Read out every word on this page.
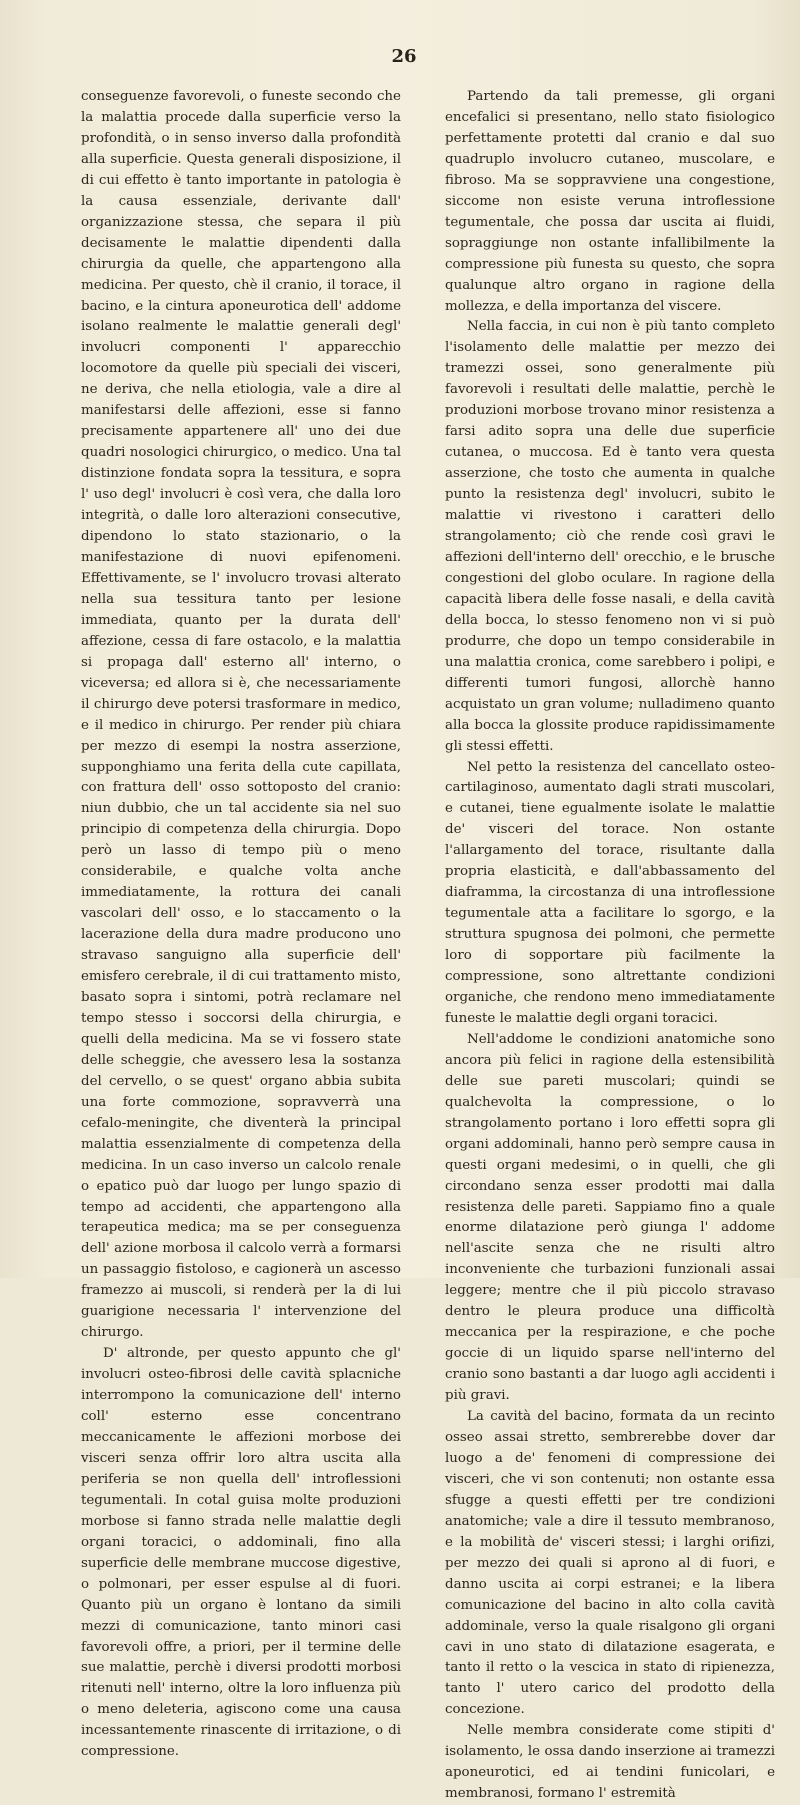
26

conseguenze favorevoli, o funeste secondo che la malattia procede dalla superficie verso la profondità, o in senso inverso dalla profondità alla superficie. Questa generali disposizione, il di cui effetto è tanto importante in patologia è la causa essenziale, derivante dall' organizzazione stessa, che separa il più decisamente le malattie dipendenti dalla chirurgia da quelle, che appartengono alla medicina. Per questo, chè il cranio, il torace, il bacino, e la cintura aponeurotica dell' addome isolano realmente le malattie generali degl' involucri componenti l' apparecchio locomotore da quelle più speciali dei visceri, ne deriva, che nella etiologia, vale a dire al manifestarsi delle affezioni, esse si fanno precisamente appartenere all' uno dei due quadri nosologici chirurgico, o medico. Una tal distinzione fondata sopra la tessitura, e sopra l' uso degl' involucri è così vera, che dalla loro integrità, o dalle loro alterazioni consecutive, dipendono lo stato stazionario, o la manifestazione di nuovi epifenomeni. Effettivamente, se l' involucro trovasi alterato nella sua tessitura tanto per lesione immediata, quanto per la durata dell' affezione, cessa di fare ostacolo, e la malattia si propaga dall' esterno all' interno, o viceversa; ed allora si è, che necessariamente il chirurgo deve potersi trasformare in medico, e il medico in chirurgo. Per render più chiara per mezzo di esempi la nostra asserzione, supponghiamo una ferita della cute capillata, con frattura dell' osso sottoposto del cranio: niun dubbio, che un tal accidente sia nel suo principio di competenza della chirurgia. Dopo però un lasso di tempo più o meno considerabile, e qualche volta anche immediatamente, la rottura dei canali vascolari dell' osso, e lo staccamento o la lacerazione della dura madre producono uno stravaso sanguigno alla superficie dell' emisfero cerebrale, il di cui trattamento misto, basato sopra i sintomi, potrà reclamare nel tempo stesso i soccorsi della chirurgia, e quelli della medicina. Ma se vi fossero state delle scheggie, che avessero lesa la sostanza del cervello, o se quest' organo abbia subita una forte commozione, sopravverrà una cefalo-meningite, che diventerà la principal malattia essenzialmente di competenza della medicina. In un caso inverso un calcolo renale o epatico può dar luogo per lungo spazio di tempo ad accidenti, che appartengono alla terapeutica medica; ma se per conseguenza dell' azione morbosa il calcolo verrà a formarsi un passaggio fistoloso, e cagionerà un ascesso framezzo ai muscoli, si renderà per la di lui guarigione necessaria l' intervenzione del chirurgo.

D' altronde, per questo appunto che gl' involucri osteo-fibrosi delle cavità splacniche interrompono la comunicazione dell' interno coll' esterno esse concentrano meccanicamente le affezioni morbose dei visceri senza offrir loro altra uscita alla periferia se non quella dell' introflessioni tegumentali. In cotal guisa molte produzioni morbose si fanno strada nelle malattie degli organi toracici, o addominali, fino alla superficie delle membrane muccose digestive, o polmonari, per esser espulse al di fuori. Quanto più un organo è lontano da simili mezzi di comunicazione, tanto minori casi favorevoli offre, a priori, per il termine delle sue malattie, perchè i diversi prodotti morbosi ritenuti nell' interno, oltre la loro influenza più o meno deleteria, agiscono come una causa incessantemente rinascente di irritazione, o di compressione.

Partendo da tali premesse, gli organi encefalici si presentano, nello stato fisiologico perfettamente protetti dal cranio e dal suo quadruplo involucro cutaneo, muscolare, e fibroso. Ma se soppravviene una congestione, siccome non esiste veruna introflessione tegumentale, che possa dar uscita ai fluidi, sopraggiunge non ostante infallibilmente la compressione più funesta su questo, che sopra qualunque altro organo in ragione della mollezza, e della importanza del viscere.

Nella faccia, in cui non è più tanto completo l'isolamento delle malattie per mezzo dei tramezzi ossei, sono generalmente più favorevoli i resultati delle malattie, perchè le produzioni morbose trovano minor resistenza a farsi adito sopra una delle due superficie cutanea, o muccosa. Ed è tanto vera questa asserzione, che tosto che aumenta in qualche punto la resistenza degl' involucri, subito le malattie vi rivestono i caratteri dello strangolamento; ciò che rende così gravi le affezioni dell'interno dell' orecchio, e le brusche congestioni del globo oculare. In ragione della capacità libera delle fosse nasali, e della cavità della bocca, lo stesso fenomeno non vi si può produrre, che dopo un tempo considerabile in una malattia cronica, come sarebbero i polipi, e differenti tumori fungosi, allorchè hanno acquistato un gran volume; nulladimeno quanto alla bocca la glossite produce rapidissimamente gli stessi effetti.

Nel petto la resistenza del cancellato osteo-cartilaginoso, aumentato dagli strati muscolari, e cutanei, tiene egualmente isolate le malattie de' visceri del torace. Non ostante l'allargamento del torace, risultante dalla propria elasticità, e dall'abbassamento del diaframma, la circostanza di una introflessione tegumentale atta a facilitare lo sgorgo, e la struttura spugnosa dei polmoni, che permette loro di sopportare più facilmente la compressione, sono altrettante condizioni organiche, che rendono meno immediatamente funeste le malattie degli organi toracici.

Nell'addome le condizioni anatomiche sono ancora più felici in ragione della estensibilità delle sue pareti muscolari; quindi se qualchevolta la compressione, o lo strangolamento portano i loro effetti sopra gli organi addominali, hanno però sempre causa in questi organi medesimi, o in quelli, che gli circondano senza esser prodotti mai dalla resistenza delle pareti. Sappiamo fino a quale enorme dilatazione però giunga l' addome nell'ascite senza che ne risulti altro inconveniente che turbazioni funzionali assai leggere; mentre che il più piccolo stravaso dentro le pleura produce una difficoltà meccanica per la respirazione, e che poche goccie di un liquido sparse nell'interno del cranio sono bastanti a dar luogo agli accidenti i più gravi.

La cavità del bacino, formata da un recinto osseo assai stretto, sembrerebbe dover dar luogo a de' fenomeni di compressione dei visceri, che vi son contenuti; non ostante essa sfugge a questi effetti per tre condizioni anatomiche; vale a dire il tessuto membranoso, e la mobilità de' visceri stessi; i larghi orifizi, per mezzo dei quali si aprono al di fuori, e danno uscita ai corpi estranei; e la libera comunicazione del bacino in alto colla cavità addominale, verso la quale risalgono gli organi cavi in uno stato di dilatazione esagerata, e tanto il retto o la vescica in stato di ripienezza, tanto l' utero carico del prodotto della concezione.

Nelle membra considerate come stipiti d' isolamento, le ossa dando inserzione ai tramezzi aponeurotici, ed ai tendini funicolari, e membranosi, formano l' estremità
